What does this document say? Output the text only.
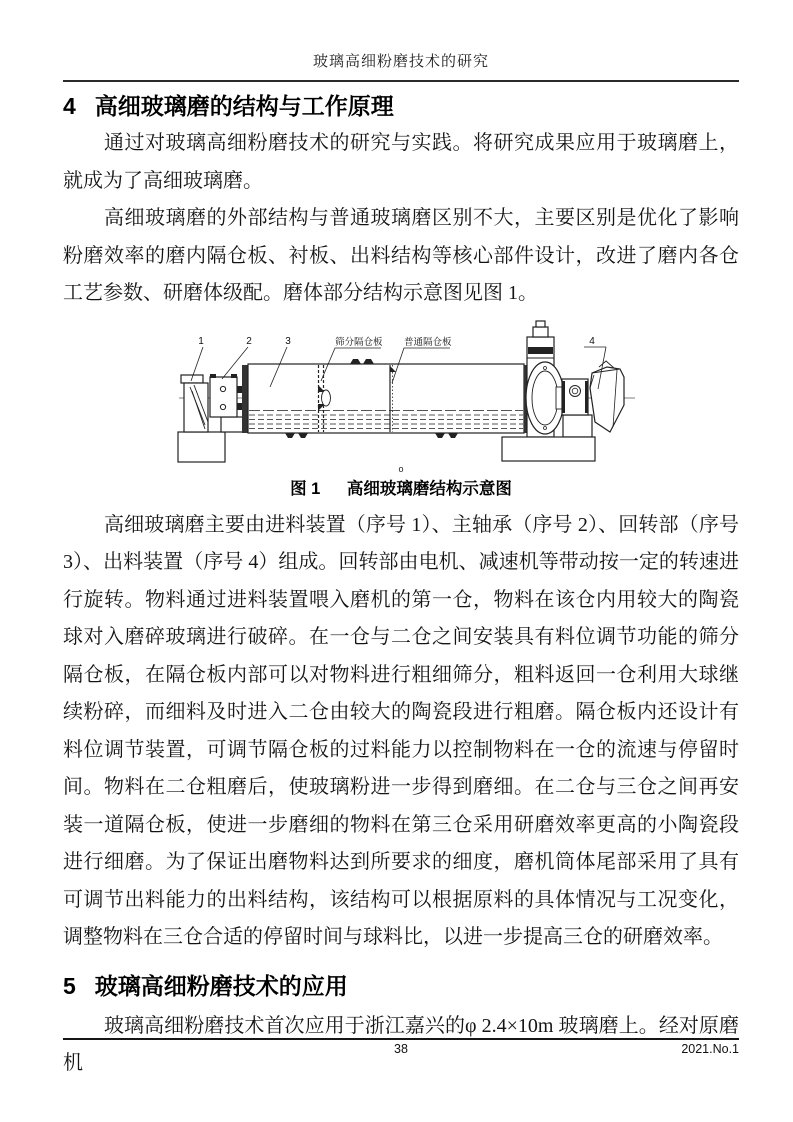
玻璃高细粉磨技术的研究
4 高细玻璃磨的结构与工作原理
通过对玻璃高细粉磨技术的研究与实践。将研究成果应用于玻璃磨上，就成为了高细玻璃磨。
高细玻璃磨的外部结构与普通玻璃磨区别不大，主要区别是优化了影响粉磨效率的磨内隔仓板、衬板、出料结构等核心部件设计，改进了磨内各仓工艺参数、研磨体级配。磨体部分结构示意图见图 1。
1	2	3	4
筛分隔仓板 普通隔仓板
o
图 1 高细玻璃磨结构示意图
高细玻璃磨主要由进料装置（序号 1）、主轴承（序号 2）、回转部（序号 3）、出料装置（序号 4）组成。回转部由电机、减速机等带动按一定的转速进行旋转。物料通过进料装置喂入磨机的第一仓，物料在该仓内用较大的陶瓷球对入磨碎玻璃进行破碎。在一仓与二仓之间安装具有料位调节功能的筛分隔仓板，在隔仓板内部可以对物料进行粗细筛分，粗料返回一仓利用大球继续粉碎，而细料及时进入二仓由较大的陶瓷段进行粗磨。隔仓板内还设计有料位调节装置，可调节隔仓板的过料能力以控制物料在一仓的流速与停留时间。物料在二仓粗磨后，使玻璃粉进一步得到磨细。在二仓与三仓之间再安装一道隔仓板，使进一步磨细的物料在第三仓采用研磨效率更高的小陶瓷段进行细磨。为了保证出磨物料达到所要求的细度，磨机筒体尾部采用了具有可调节出料能力的出料结构，该结构可以根据原料的具体情况与工况变化，调整物料在三仓合适的停留时间与球料比，以进一步提高三仓的研磨效率。
5 玻璃高细粉磨技术的应用
玻璃高细粉磨技术首次应用于浙江嘉兴的φ 2.4×10m 玻璃磨上。经对原磨机
38	2021.No.1
